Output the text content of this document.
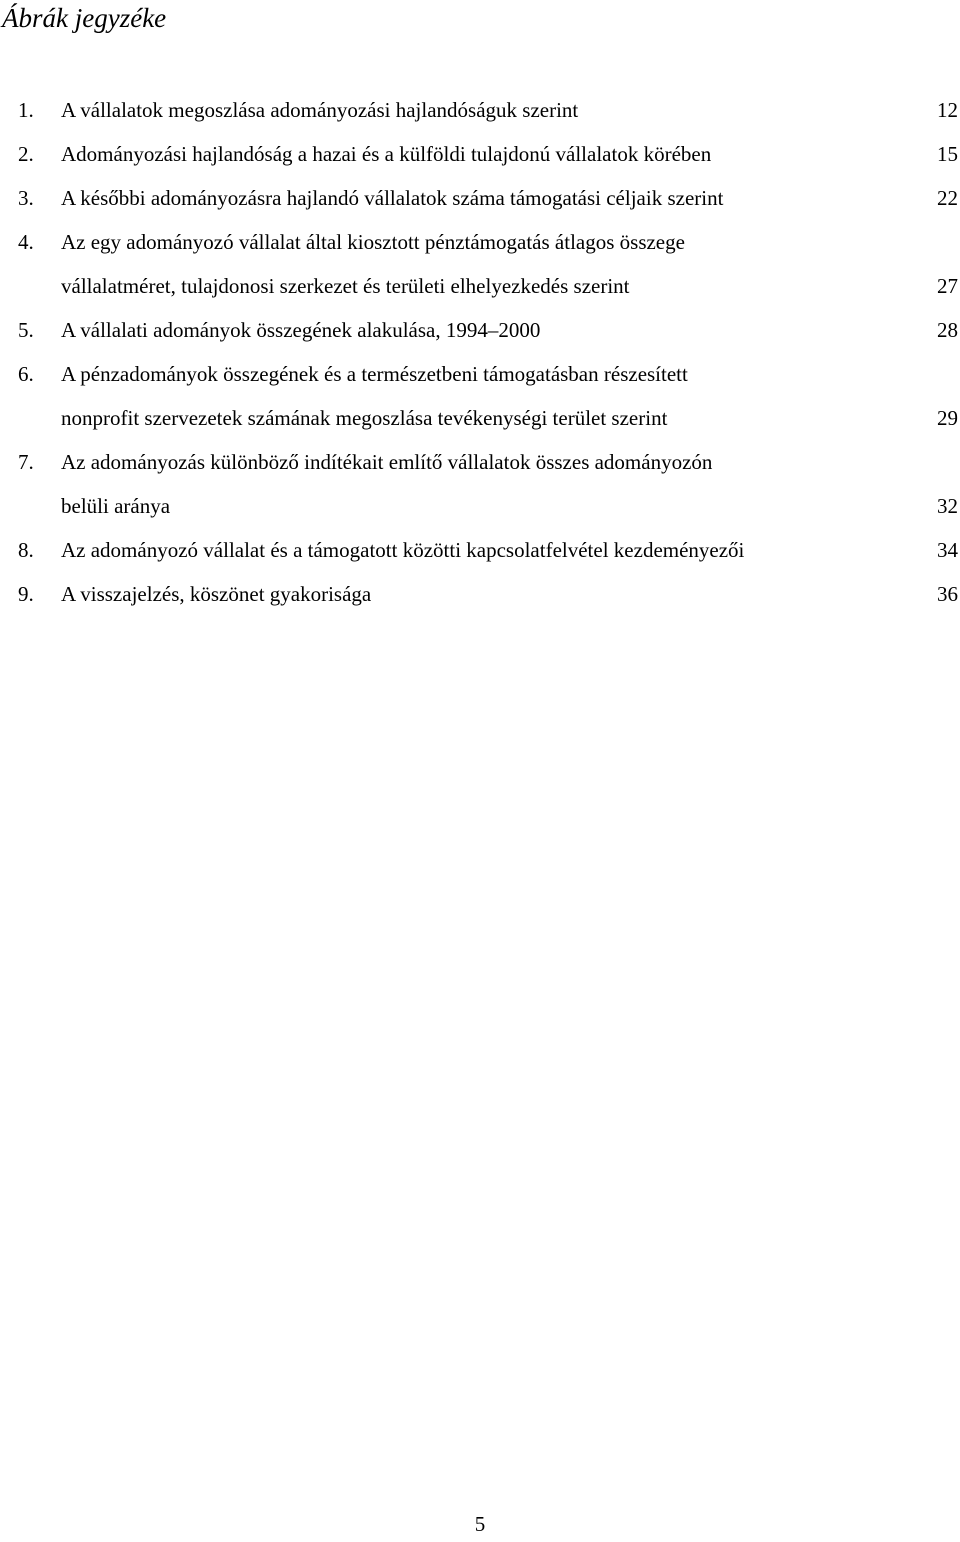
Ábrák jegyzéke
1.	A vállalatok megoszlása adományozási hajlandóságuk szerint	12
2.	Adományozási hajlandóság a hazai és a külföldi tulajdonú vállalatok körében	15
3.	A későbbi adományozásra hajlandó vállalatok száma támogatási céljaik szerint	22
4.	Az egy adományozó vállalat által kiosztott pénztámogatás átlagos összege
vállalatméret, tulajdonosi szerkezet és területi elhelyezkedés szerint	27
5.	A vállalati adományok összegének alakulása, 1994–2000	28
6.	A pénzadományok összegének és a természetbeni támogatásban részesített
nonprofit szervezetek számának megoszlása tevékenységi terület szerint	29
7.	Az adományozás különböző indítékait említő vállalatok összes adományozón
belüli aránya	32
8.	Az adományozó vállalat és a támogatott közötti kapcsolatfelvétel kezdeményezői	34
9.	A visszajelzés, köszönet gyakorisága	36
5
